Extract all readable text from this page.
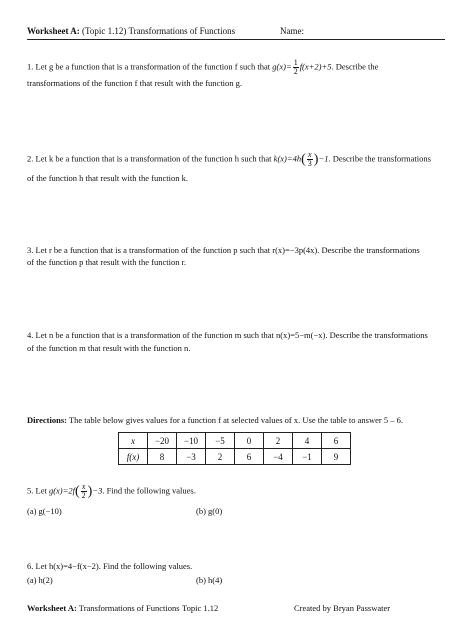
Worksheet A: (Topic 1.12) Transformations of Functions	Name:
1. Let g be a function that is a transformation of the function f such that $g(x)= \frac{1}{2} f(x+2)+5$. Describe the
transformations of the function f that result with the function g.
2. Let k be a function that is a transformation of the function h such that $k(x)=4h( \frac{x}{3} )-1$. Describe the transformations
of the function h that result with the function k.
3. Let r be a function that is a transformation of the function p such that r(x)=−3p(4x). Describe the transformations
of the function p that result with the function r.
4. Let n be a function that is a transformation of the function m such that n(x)=5−m(−x). Describe the transformations
of the function m that result with the function n.
Directions: The table below gives values for a function f at selected values of x. Use the table to answer 5 – 6.
x	−20	−10	−5	0	2	4	6
f(x)	8	−3	2	6	−4	−1	9
5. Let $g(x)=2f( \frac{x}{2} )-3$. Find the following values.
(a) g(−10)	(b) g(0)
6. Let h(x)=4−f(x−2). Find the following values.
(a) h(2)	(b) h(4)
Worksheet A: Transformations of Functions Topic 1.12	Created by Bryan Passwater
